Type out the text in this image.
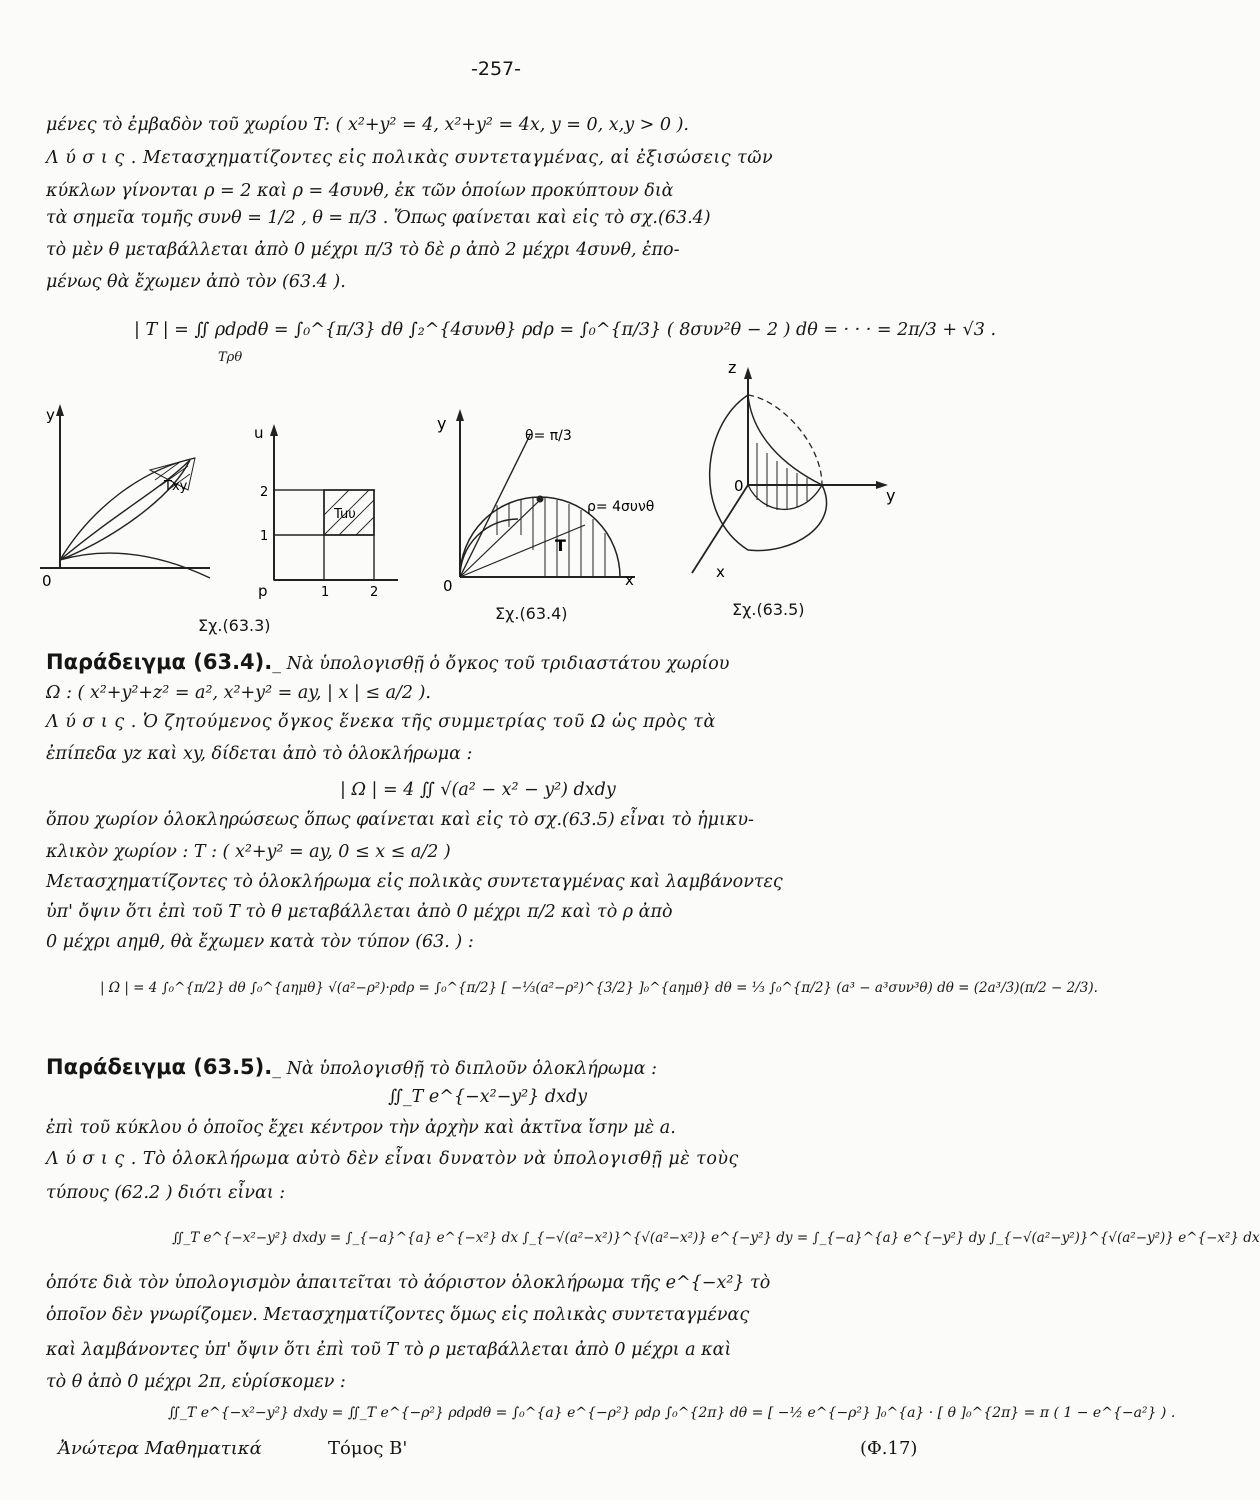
-257-
μένες τὸ ἐμβαδὸν τοῦ χωρίου T: ( x²+y² = 4, x²+y² = 4x, y = 0, x,y > 0 ).
Λ ύ σ ι ς . Μετασχηματίζοντες εἰς πολικὰς συντεταγμένας, αἱ ἐξισώσεις τῶν
κύκλων γίνονται ρ = 2 καὶ ρ = 4συνθ, ἐκ τῶν ὁποίων προκύπτουν διὰ
τὰ σημεῖα τομῆς συνθ = 1/2 , θ = π/3 . Ὅπως φαίνεται καὶ εἰς τὸ σχ.(63.4)
τὸ μὲν θ μεταβάλλεται ἀπὸ 0 μέχρι π/3 τὸ δὲ ρ ἀπὸ 2 μέχρι 4συνθ, ἐπο-
μένως θὰ ἔχωμεν ἀπὸ τὸν (63.4 ).
| T | = ∬ ρdρdθ = ∫₀^{π/3} dθ ∫₂^{4συνθ} ρdρ = ∫₀^{π/3} ( 8συν²θ − 2 ) dθ = · · · = 2π/3 + √3 .
Tρθ
y
0
Txy
u
p	1	2
1
2
Tuυ
y
0	x
θ= π/3
ρ= 4συνθ
T
z
0	y
x
Σχ.(63.3)
Σχ.(63.4)	Σχ.(63.5)
Παράδειγμα (63.4)._ Νὰ ὑπολογισθῇ ὁ ὄγκος τοῦ τριδιαστάτου χωρίου
Ω : ( x²+y²+z² = a², x²+y² = ay, | x | ≤ a/2 ).
Λ ύ σ ι ς . Ὁ ζητούμενος ὄγκος ἕνεκα τῆς συμμετρίας τοῦ Ω ὡς πρὸς τὰ
ἐπίπεδα yz καὶ xy, δίδεται ἀπὸ τὸ ὁλοκλήρωμα :
| Ω | = 4 ∬ √(a² − x² − y²) dxdy
ὅπου χωρίον ὁλοκληρώσεως ὅπως φαίνεται καὶ εἰς τὸ σχ.(63.5) εἶναι τὸ ἡμικυ-
κλικὸν χωρίον : T : ( x²+y² = ay, 0 ≤ x ≤ a/2 )
Μετασχηματίζοντες τὸ ὁλοκλήρωμα εἰς πολικὰς συντεταγμένας καὶ λαμβάνοντες
ὑπ' ὄψιν ὅτι ἐπὶ τοῦ T τὸ θ μεταβάλλεται ἀπὸ 0 μέχρι π/2 καὶ τὸ ρ ἀπὸ
0 μέχρι aημθ, θὰ ἔχωμεν κατὰ τὸν τύπον (63. ) :
| Ω | = 4 ∫₀^{π/2} dθ ∫₀^{aημθ} √(a²−ρ²)·ρdρ = ∫₀^{π/2} [ −⅓(a²−ρ²)^{3/2} ]₀^{aημθ} dθ = ⅓ ∫₀^{π/2} (a³ − a³συν³θ) dθ = (2a³/3)(π/2 − 2/3).
Παράδειγμα (63.5)._ Νὰ ὑπολογισθῇ τὸ διπλοῦν ὁλοκλήρωμα :
∬_T e^{−x²−y²} dxdy
ἐπὶ τοῦ κύκλου ὁ ὁποῖος ἔχει κέντρον τὴν ἀρχὴν καὶ ἀκτῖνα ἴσην μὲ a.
Λ ύ σ ι ς . Τὸ ὁλοκλήρωμα αὐτὸ δὲν εἶναι δυνατὸν νὰ ὑπολογισθῇ μὲ τοὺς
τύπους (62.2 ) διότι εἶναι :
∬_T e^{−x²−y²} dxdy = ∫_{−a}^{a} e^{−x²} dx ∫_{−√(a²−x²)}^{√(a²−x²)} e^{−y²} dy = ∫_{−a}^{a} e^{−y²} dy ∫_{−√(a²−y²)}^{√(a²−y²)} e^{−x²} dx
ὁπότε διὰ τὸν ὑπολογισμὸν ἀπαιτεῖται τὸ ἀόριστον ὁλοκλήρωμα τῆς e^{−x²} τὸ
ὁποῖον δὲν γνωρίζομεν. Μετασχηματίζοντες ὅμως εἰς πολικὰς συντεταγμένας
καὶ λαμβάνοντες ὑπ' ὄψιν ὅτι ἐπὶ τοῦ T τὸ ρ μεταβάλλεται ἀπὸ 0 μέχρι a καὶ
τὸ θ ἀπὸ 0 μέχρι 2π, εὑρίσκομεν :
∬_T e^{−x²−y²} dxdy = ∬_T e^{−ρ²} ρdρdθ = ∫₀^{a} e^{−ρ²} ρdρ ∫₀^{2π} dθ = [ −½ e^{−ρ²} ]₀^{a} · [ θ ]₀^{2π} = π ( 1 − e^{−a²} ) .
Ἀνώτερα Μαθηματικά	Τόμος Β'	(Φ.17)
